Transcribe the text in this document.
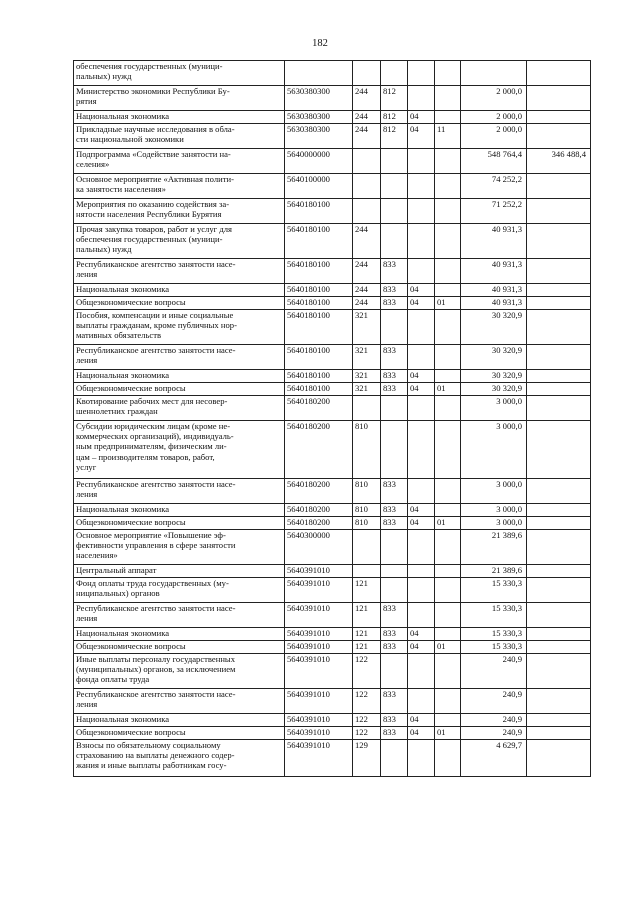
182
обеспечения государственных (муници-
пальных) нужд							
Министерство экономики Республики Бу-
рятия	5630380300	244	812			2 000,0	
Национальная экономика	5630380300	244	812	04		2 000,0	
Прикладные научные исследования в обла-
сти национальной экономики	5630380300	244	812	04	11	2 000,0	
Подпрограмма «Содействие занятости на-
селения»	5640000000					548 764,4	346 488,4
Основное мероприятие «Активная полити-
ка занятости населения»	5640100000					74 252,2	
Мероприятия по оказанию содействия за-
нятости населения Республики Бурятия	5640180100					71 252,2	
Прочая закупка товаров, работ и услуг для
обеспечения государственных (муници-
пальных) нужд	5640180100	244				40 931,3	
Республиканское агентство занятости насе-
ления	5640180100	244	833			40 931,3	
Национальная экономика	5640180100	244	833	04		40 931,3	
Общеэкономические вопросы	5640180100	244	833	04	01	40 931,3	
Пособия, компенсации и иные социальные
выплаты гражданам, кроме публичных нор-
мативных обязательств	5640180100	321				30 320,9	
Республиканское агентство занятости насе-
ления	5640180100	321	833			30 320,9	
Национальная экономика	5640180100	321	833	04		30 320,9	
Общеэкономические вопросы	5640180100	321	833	04	01	30 320,9	
Квотирование рабочих мест для несовер-
шеннолетних граждан	5640180200					3 000,0	
Субсидии юридическим лицам (кроме не-
коммерческих организаций), индивидуаль-
ным предпринимателям, физическим ли-
цам – производителям товаров, работ,
услуг	5640180200	810				3 000,0	
Республиканское агентство занятости насе-
ления	5640180200	810	833			3 000,0	
Национальная экономика	5640180200	810	833	04		3 000,0	
Общеэкономические вопросы	5640180200	810	833	04	01	3 000,0	
Основное мероприятие «Повышение эф-
фективности управления в сфере занятости
населения»	5640300000					21 389,6	
Центральный аппарат	5640391010					21 389,6	
Фонд оплаты труда государственных (му-
ниципальных) органов	5640391010	121				15 330,3	
Республиканское агентство занятости насе-
ления	5640391010	121	833			15 330,3	
Национальная экономика	5640391010	121	833	04		15 330,3	
Общеэкономические вопросы	5640391010	121	833	04	01	15 330,3	
Иные выплаты персоналу государственных
(муниципальных) органов, за исключением
фонда оплаты труда	5640391010	122				240,9	
Республиканское агентство занятости насе-
ления	5640391010	122	833			240,9	
Национальная экономика	5640391010	122	833	04		240,9	
Общеэкономические вопросы	5640391010	122	833	04	01	240,9	
Взносы по обязательному социальному
страхованию на выплаты денежного содер-
жания и иные выплаты работникам госу-	5640391010	129				4 629,7	
